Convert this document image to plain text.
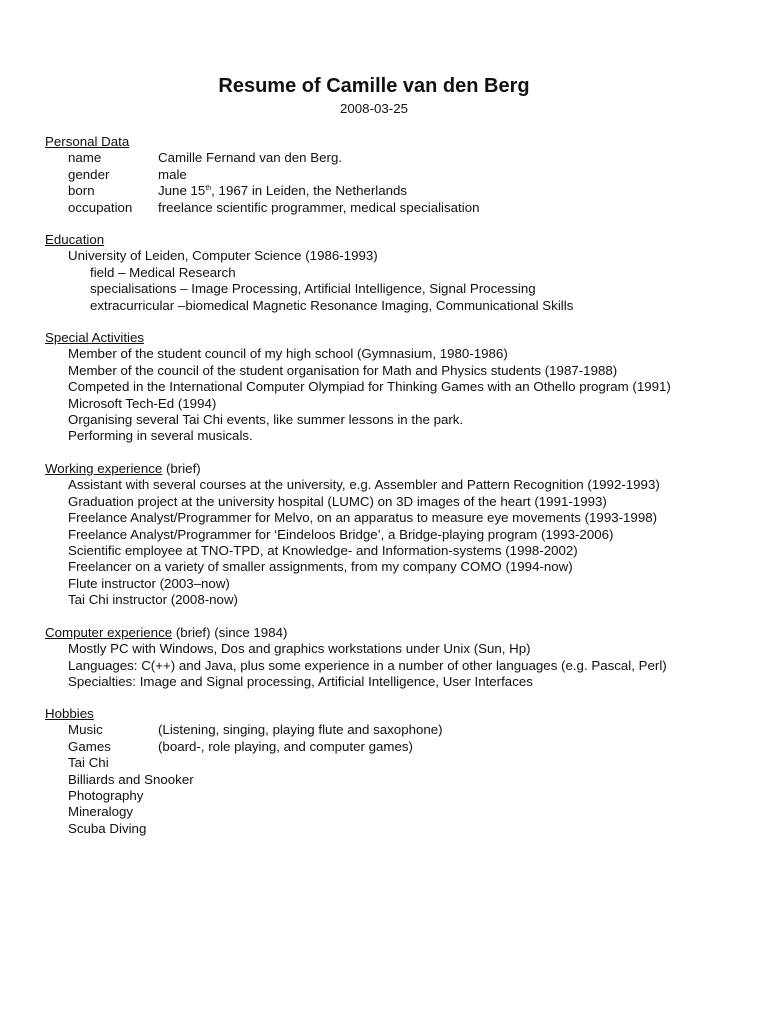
Resume of Camille van den Berg
2008-03-25
Personal Data
name	Camille Fernand van den Berg.
gender	male
born	June 15th, 1967 in Leiden, the Netherlands
occupation	freelance scientific programmer, medical specialisation
Education
University of Leiden, Computer Science (1986-1993)
field – Medical Research
specialisations – Image Processing, Artificial Intelligence, Signal Processing
extracurricular –biomedical Magnetic Resonance Imaging, Communicational Skills
Special Activities
Member of the student council of my high school (Gymnasium, 1980-1986)
Member of the council of the student organisation for Math and Physics students (1987-1988)
Competed in the International Computer Olympiad for Thinking Games with an Othello program (1991)
Microsoft Tech-Ed (1994)
Organising several Tai Chi events, like summer lessons in the park.
Performing in several musicals.
Working experience (brief)
Assistant with several courses at the university, e.g. Assembler and Pattern Recognition (1992-1993)
Graduation project at the university hospital (LUMC) on 3D images of the heart (1991-1993)
Freelance Analyst/Programmer for Melvo, on an apparatus to measure eye movements (1993-1998)
Freelance Analyst/Programmer for ‘Eindeloos Bridge’, a Bridge-playing program (1993-2006)
Scientific employee at TNO-TPD, at Knowledge- and Information-systems (1998-2002)
Freelancer on a variety of smaller assignments, from my company COMO (1994-now)
Flute instructor (2003–now)
Tai Chi instructor (2008-now)
Computer experience (brief) (since 1984)
Mostly PC with Windows, Dos and graphics workstations under Unix (Sun, Hp)
Languages: C(++) and Java, plus some experience in a number of other languages (e.g. Pascal, Perl)
Specialties: Image and Signal processing, Artificial Intelligence, User Interfaces
Hobbies
Music	(Listening, singing, playing flute and saxophone)
Games	(board-, role playing, and computer games)
Tai Chi
Billiards and Snooker
Photography
Mineralogy
Scuba Diving
